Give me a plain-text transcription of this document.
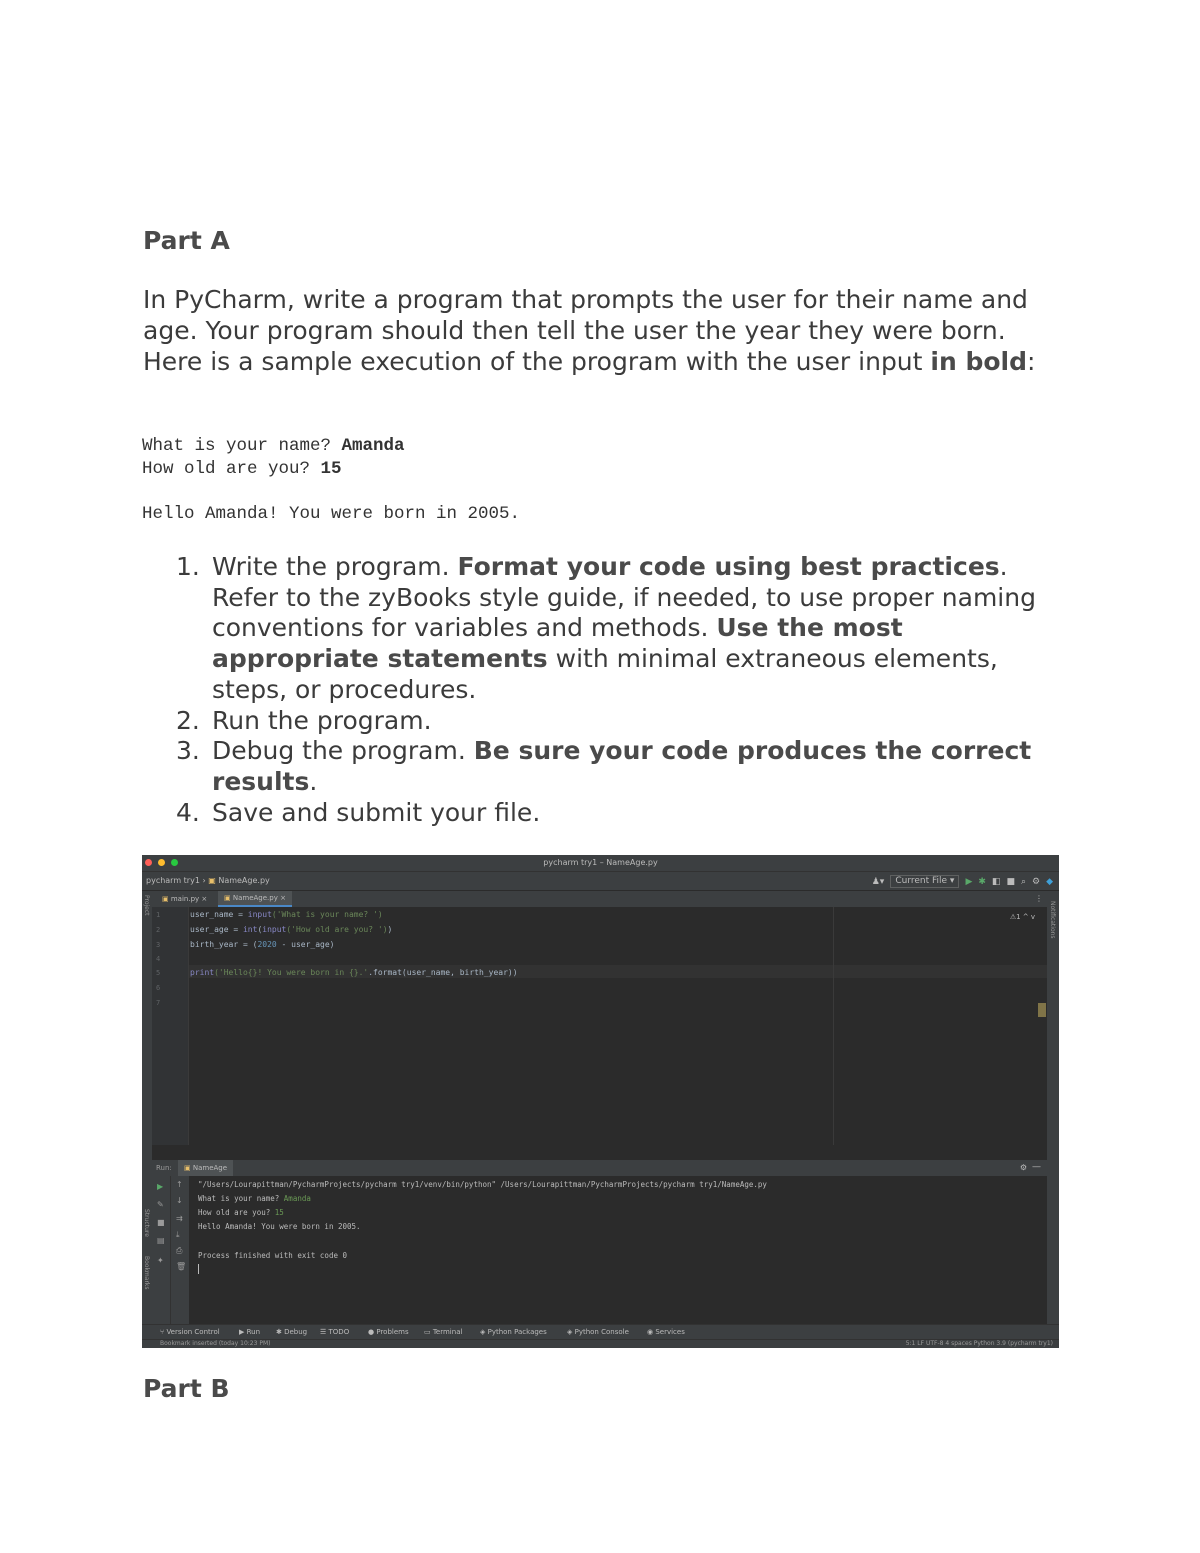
Part A

In PyCharm, write a program that prompts the user for their name and age. Your program should then tell the user the year they were born. Here is a sample execution of the program with the user input in bold:

What is your name? Amanda
How old are you? 15
Hello Amanda! You were born in 2005.
1. Write the program. Format your code using best practices. Refer to the zyBooks style guide, if needed, to use proper naming conventions for variables and methods. Use the most appropriate statements with minimal extraneous elements, steps, or procedures.
2. Run the program.
3. Debug the program. Be sure your code produces the correct results.
4. Save and submit your file.
pycharm try1 – NameAge.py
pycharm try1 › ▣ NameAge.py	♟▾	Current File ▾	▶ ✱ ◧ ■ ⌕ ⚙ ◆
Project
Structure
Bookmarks
Notifications
▣ main.py ×	▣ NameAge.py ×	⋮
1
2
3
4
5
6
7
user_name = input('What is your name? ')
user_age = int(input('How old are you? '))
birth_year = (2020 - user_age)
print('Hello{}! You were born in {}.'.format(user_name, birth_year))
⚠1 ^ v
Run:	▣ NameAge	⚙ —
▶
✎
■
▤
✦
↑
↓
⇉
⤓
⎙
🗑
"/Users/Lourapittman/PycharmProjects/pycharm try1/venv/bin/python" /Users/Lourapittman/PycharmProjects/pycharm try1/NameAge.py
What is your name? Amanda
How old are you? 15
Hello Amanda! You were born in 2005.
Process finished with exit code 0
⑂ Version Control	▶ Run ✱ Debug ☰ TODO	● Problems ▭ Terminal	◈ Python Packages	◈ Python Console	◉ Services
Bookmark inserted (today 10:23 PM)	5:1 LF UTF-8 4 spaces Python 3.9 (pycharm try1)
Part B
